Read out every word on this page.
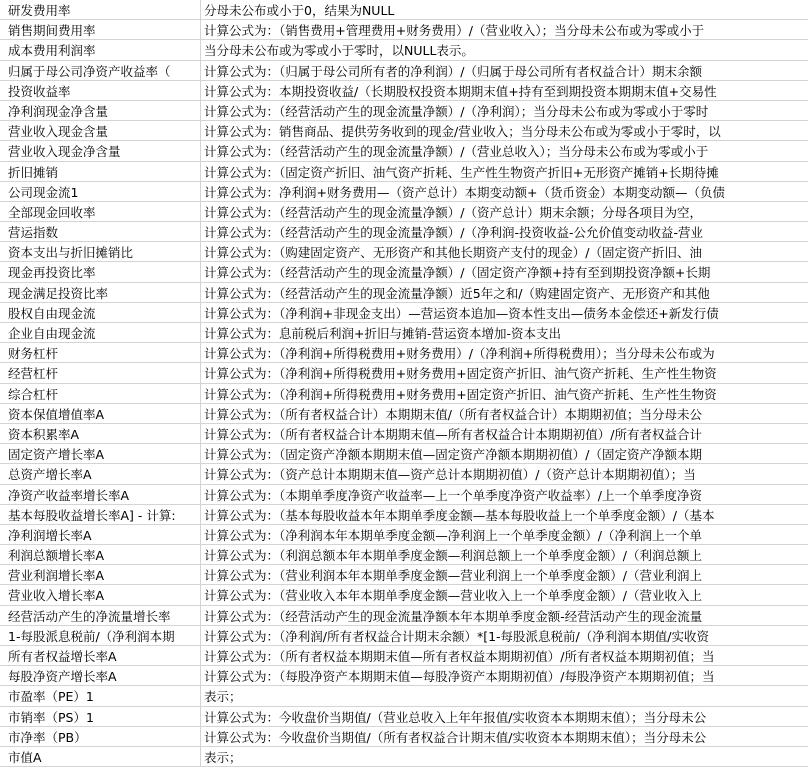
研发费用率	分母未公布或小于0，结果为NULL
销售期间费用率	计算公式为：（销售费用+管理费用+财务费用）/（营业收入）；当分母未公布或为零或小于
成本费用利润率	当分母未公布或为零或小于零时，以NULL表示。
归属于母公司净资产收益率（	计算公式为：（归属于母公司所有者的净利润）/（归属于母公司所有者权益合计）期末余额
投资收益率	计算公式为：本期投资收益/（长期股权投资本期期末值+持有至到期投资本期期末值+交易性
净利润现金净含量	计算公式为：（经营活动产生的现金流量净额）/（净利润）；当分母未公布或为零或小于零时
营业收入现金含量	计算公式为：销售商品、提供劳务收到的现金/营业收入；当分母未公布或为零或小于零时，以
营业收入现金净含量	计算公式为：（经营活动产生的现金流量净额）/（营业总收入）；当分母未公布或为零或小于
折旧摊销	计算公式为：（固定资产折旧、油气资产折耗、生产性生物资产折旧+无形资产摊销+长期待摊
公司现金流1	计算公式为：净利润+财务费用—（资产总计）本期变动额+（货币资金）本期变动额—（负债
全部现金回收率	计算公式为：（经营活动产生的现金流量净额）/（资产总计）期末余额；分母各项目为空，
营运指数	计算公式为：（经营活动产生的现金流量净额）/（净利润-投资收益-公允价值变动收益-营业
资本支出与折旧摊销比	计算公式为：（购建固定资产、无形资产和其他长期资产支付的现金）/（固定资产折旧、油
现金再投资比率	计算公式为：（经营活动产生的现金流量净额）/（固定资产净额+持有至到期投资净额+长期
现金满足投资比率	计算公式为：（经营活动产生的现金流量净额）近5年之和/（购建固定资产、无形资产和其他
股权自由现金流	计算公式为：（净利润+非现金支出）—营运资本追加—资本性支出—债务本金偿还+新发行债
企业自由现金流	计算公式为：息前税后利润+折旧与摊销-营运资本增加-资本支出
财务杠杆	计算公式为：（净利润+所得税费用+财务费用）/（净利润+所得税费用）；当分母未公布或为
经营杠杆	计算公式为：（净利润+所得税费用+财务费用+固定资产折旧、油气资产折耗、生产性生物资
综合杠杆	计算公式为：（净利润+所得税费用+财务费用+固定资产折旧、油气资产折耗、生产性生物资
资本保值增值率A	计算公式为：（所有者权益合计）本期期末值/（所有者权益合计）本期期初值；当分母未公
资本积累率A	计算公式为：（所有者权益合计本期期末值—所有者权益合计本期期初值）/所有者权益合计
固定资产增长率A	计算公式为：（固定资产净额本期期末值—固定资产净额本期期初值）/（固定资产净额本期
总资产增长率A	计算公式为：（资产总计本期期末值—资产总计本期期初值）/（资产总计本期期初值）；当
净资产收益率增长率A	计算公式为：（本期单季度净资产收益率—上一个单季度净资产收益率）/上一个单季度净资
基本每股收益增长率A] - 计算:	计算公式为：（基本每股收益本年本期单季度金额—基本每股收益上一个单季度金额）/（基本
净利润增长率A	计算公式为：（净利润本年本期单季度金额—净利润上一个单季度金额）/（净利润上一个单
利润总额增长率A	计算公式为：（利润总额本年本期单季度金额—利润总额上一个单季度金额）/（利润总额上
营业利润增长率A	计算公式为：（营业利润本年本期单季度金额—营业利润上一个单季度金额）/（营业利润上
营业收入增长率A	计算公式为：（营业收入本年本期单季度金额—营业收入上一个单季度金额）/（营业收入上
经营活动产生的净流量增长率	计算公式为：（经营活动产生的现金流量净额本年本期单季度金额-经营活动产生的现金流量
1-每股派息税前/（净利润本期	计算公式为：（净利润/所有者权益合计期末余额）*[1-每股派息税前/（净利润本期值/实收资
所有者权益增长率A	计算公式为：（所有者权益本期期末值—所有者权益本期期初值）/所有者权益本期期初值；当
每股净资产增长率A	计算公式为：（每股净资产本期期末值—每股净资产本期期初值）/每股净资产本期期初值；当
市盈率（PE）1	表示；
市销率（PS）1	计算公式为：今收盘价当期值/（营业总收入上年年报值/实收资本本期期末值）；当分母未公
市净率（PB）	计算公式为：今收盘价当期值/（所有者权益合计期末值/实收资本本期期末值）；当分母未公
市值A	表示；
